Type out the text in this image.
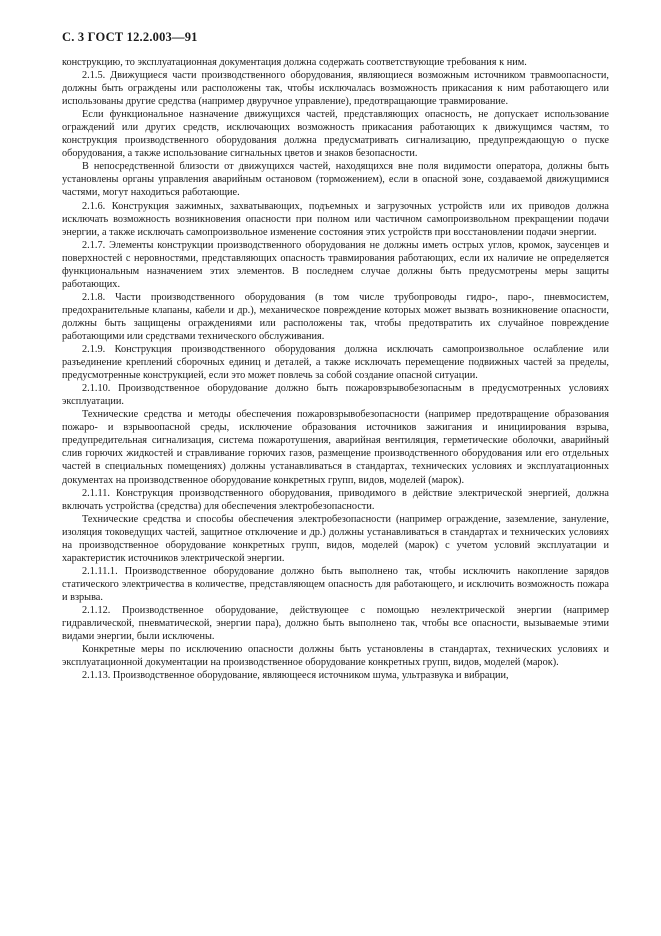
С. 3 ГОСТ 12.2.003—91

конструкцию, то эксплуатационная документация должна содержать соответствующие требования к ним.

2.1.5. Движущиеся части производственного оборудования, являющиеся возможным источником травмоопасности, должны быть ограждены или расположены так, чтобы исключалась возможность прикасания к ним работающего или использованы другие средства (например двуручное управление), предотвращающие травмирование.

Если функциональное назначение движущихся частей, представляющих опасность, не допускает использование ограждений или других средств, исключающих возможность прикасания работающих к движущимся частям, то конструкция производственного оборудования должна предусматривать сигнализацию, предупреждающую о пуске оборудования, а также использование сигнальных цветов и знаков безопасности.

В непосредственной близости от движущихся частей, находящихся вне поля видимости оператора, должны быть установлены органы управления аварийным остановом (торможением), если в опасной зоне, создаваемой движущимися частями, могут находиться работающие.

2.1.6. Конструкция зажимных, захватывающих, подъемных и загрузочных устройств или их приводов должна исключать возможность возникновения опасности при полном или частичном самопроизвольном прекращении подачи энергии, а также исключать самопроизвольное изменение состояния этих устройств при восстановлении подачи энергии.

2.1.7. Элементы конструкции производственного оборудования не должны иметь острых углов, кромок, заусенцев и поверхностей с неровностями, представляющих опасность травмирования работающих, если их наличие не определяется функциональным назначением этих элементов. В последнем случае должны быть предусмотрены меры защиты работающих.

2.1.8. Части производственного оборудования (в том числе трубопроводы гидро-, паро-, пневмосистем, предохранительные клапаны, кабели и др.), механическое повреждение которых может вызвать возникновение опасности, должны быть защищены ограждениями или расположены так, чтобы предотвратить их случайное повреждение работающими или средствами технического обслуживания.

2.1.9. Конструкция производственного оборудования должна исключать самопроизвольное ослабление или разъединение креплений сборочных единиц и деталей, а также исключать перемещение подвижных частей за пределы, предусмотренные конструкцией, если это может повлечь за собой создание опасной ситуации.

2.1.10. Производственное оборудование должно быть пожаровзрывобезопасным в предусмотренных условиях эксплуатации.

Технические средства и методы обеспечения пожаровзрывобезопасности (например предотвращение образования пожаро- и взрывоопасной среды, исключение образования источников зажигания и инициирования взрыва, предупредительная сигнализация, система пожаротушения, аварийная вентиляция, герметические оболочки, аварийный слив горючих жидкостей и стравливание горючих газов, размещение производственного оборудования или его отдельных частей в специальных помещениях) должны устанавливаться в стандартах, технических условиях и эксплуатационных документах на производственное оборудование конкретных групп, видов, моделей (марок).

2.1.11. Конструкция производственного оборудования, приводимого в действие электрической энергией, должна включать устройства (средства) для обеспечения электробезопасности.

Технические средства и способы обеспечения электробезопасности (например ограждение, заземление, зануление, изоляция токоведущих частей, защитное отключение и др.) должны устанавливаться в стандартах и технических условиях на производственное оборудование конкретных групп, видов, моделей (марок) с учетом условий эксплуатации и характеристик источников электрической энергии.

2.1.11.1. Производственное оборудование должно быть выполнено так, чтобы исключить накопление зарядов статического электричества в количестве, представляющем опасность для работающего, и исключить возможность пожара и взрыва.

2.1.12. Производственное оборудование, действующее с помощью неэлектрической энергии (например гидравлической, пневматической, энергии пара), должно быть выполнено так, чтобы все опасности, вызываемые этими видами энергии, были исключены.

Конкретные меры по исключению опасности должны быть установлены в стандартах, технических условиях и эксплуатационной документации на производственное оборудование конкретных групп, видов, моделей (марок).

2.1.13. Производственное оборудование, являющееся источником шума, ультразвука и вибрации,
